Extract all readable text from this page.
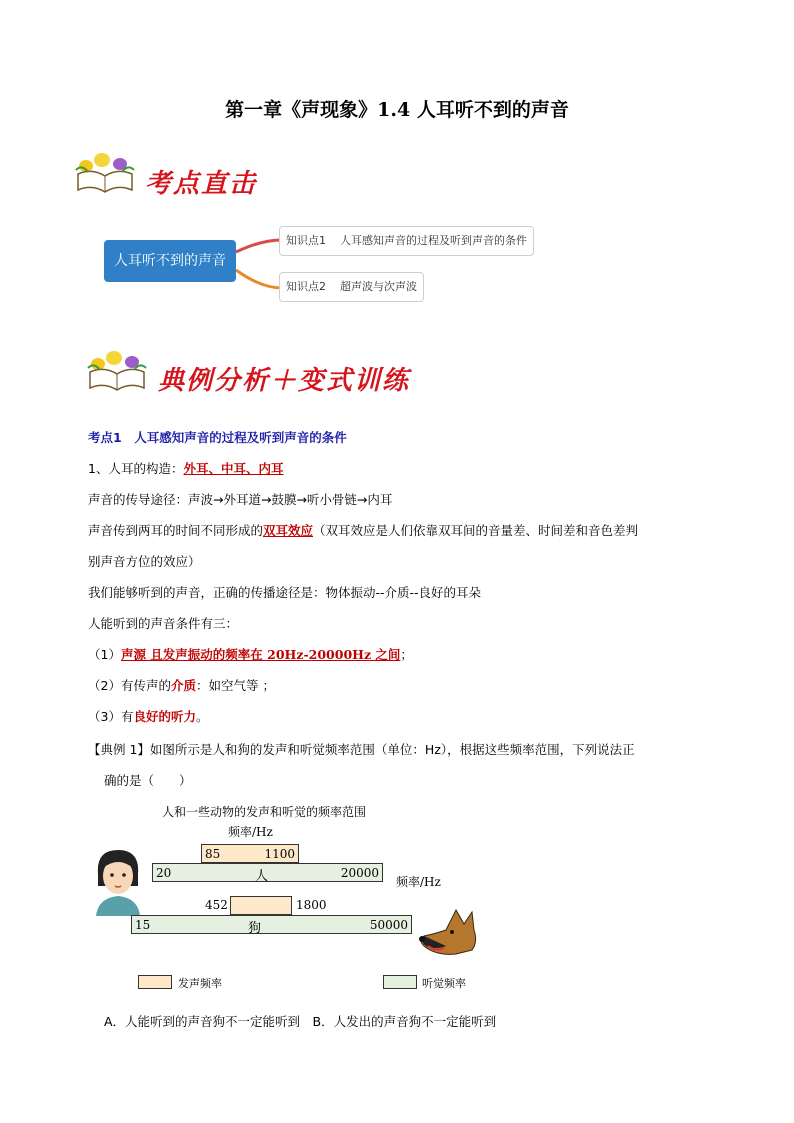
第一章《声现象》1.4 人耳听不到的声音
考点直击
人耳听不到的声音
知识点1 人耳感知声音的过程及听到声音的条件
知识点2 超声波与次声波
典例分析＋变式训练
考点1　人耳感知声音的过程及听到声音的条件
1、人耳的构造：外耳、中耳、内耳
声音的传导途径：声波→外耳道→鼓膜→听小骨链→内耳
声音传到两耳的时间不同形成的双耳效应（双耳效应是人们依靠双耳间的音量差、时间差和音色差判
别声音方位的效应）
我们能够听到的声音，正确的传播途径是：物体振动--介质--良好的耳朵
人能听到的声音条件有三：
（1）声源 且发声振动的频率在 20Hz-20000Hz 之间；
（2）有传声的介质：如空气等 ；
（3）有良好的听力。
【典例 1】如图所示是人和狗的发声和听觉频率范围（单位：Hz），根据这些频率范围，下列说法正
确的是（　　）
人和一些动物的发声和听觉的频率范围
频率/Hz
85	1100
20	人	20000
频率/Hz
452	1800
15	狗	50000
发声频率	听觉频率
A．人能听到的声音狗不一定能听到　B．人发出的声音狗不一定能听到
